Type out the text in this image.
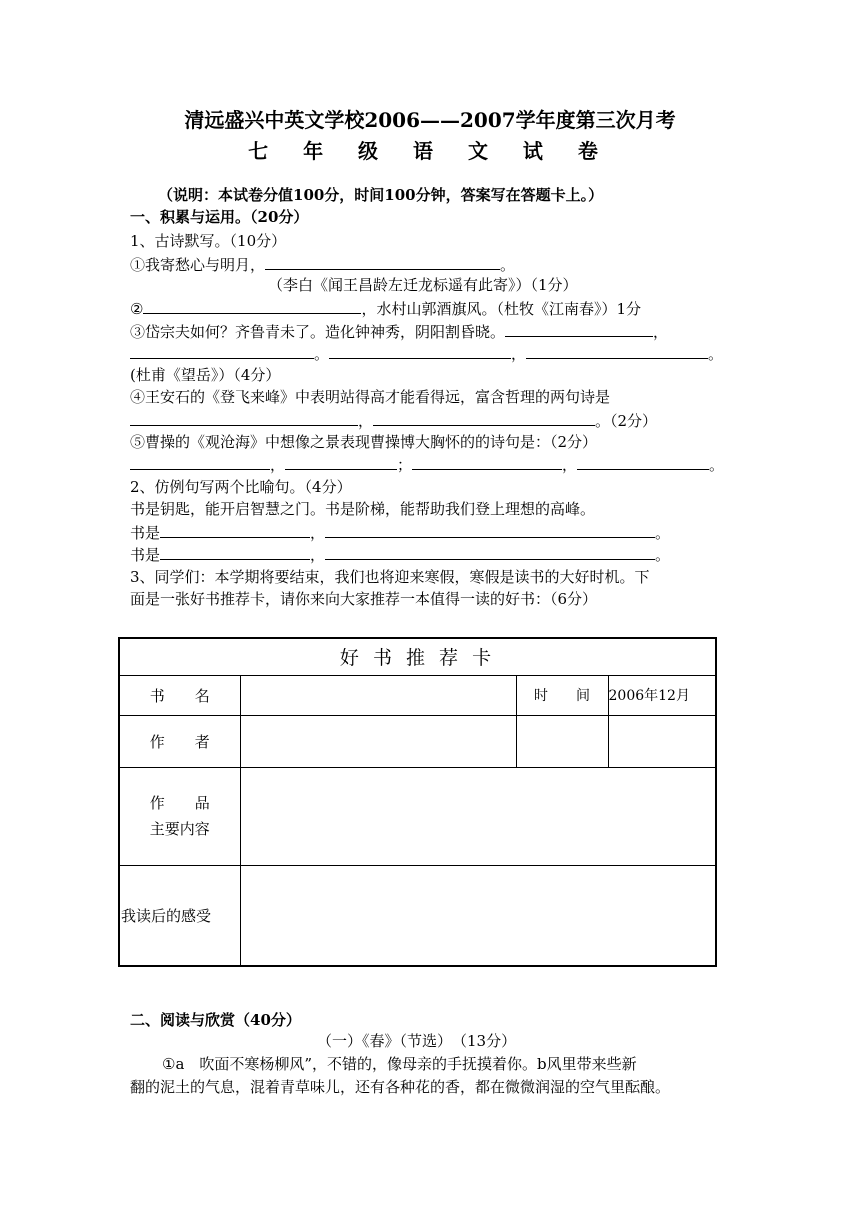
清远盛兴中英文学校2006——2007学年度第三次月考
七 年 级 语 文 试 卷
（说明：本试卷分值100分，时间100分钟，答案写在答题卡上。）
一、积累与运用。（20分）
1、古诗默写。（10分）
①我寄愁心与明月，	。
（李白《闻王昌龄左迁龙标遥有此寄》）（1分）
②	，水村山郭酒旗风。（杜牧《江南春》）1分
③岱宗夫如何？齐鲁青未了。造化钟神秀，阴阳割昏晓。	，
。	，	。
(杜甫《望岳》）（4分）
④王安石的《登飞来峰》中表明站得高才能看得远，富含哲理的两句诗是
，	。（2分）
⑤曹操的《观沧海》中想像之景表现曹操博大胸怀的的诗句是：（2分）
，	；	，	。
2、仿例句写两个比喻句。（4分）
书是钥匙，能开启智慧之门。书是阶梯，能帮助我们登上理想的高峰。
书是	，	。
书是	，	。
3、同学们：本学期将要结束，我们也将迎来寒假，寒假是读书的大好时机。下
面是一张好书推荐卡，请你来向大家推荐一本值得一读的好书：（6分）
好 书 推 荐 卡			
书　　名		时　　间	2006年12月
作　　者			

作　　品
主要内容			

我读后的感受			
二、阅读与欣赏（40分）
（一）《春》（节选）　（13分）
①a　吹面不寒杨柳风”，不错的，像母亲的手抚摸着你。b风里带来些新
翻的泥土的气息，混着青草味儿，还有各种花的香，都在微微润湿的空气里酝酿。
